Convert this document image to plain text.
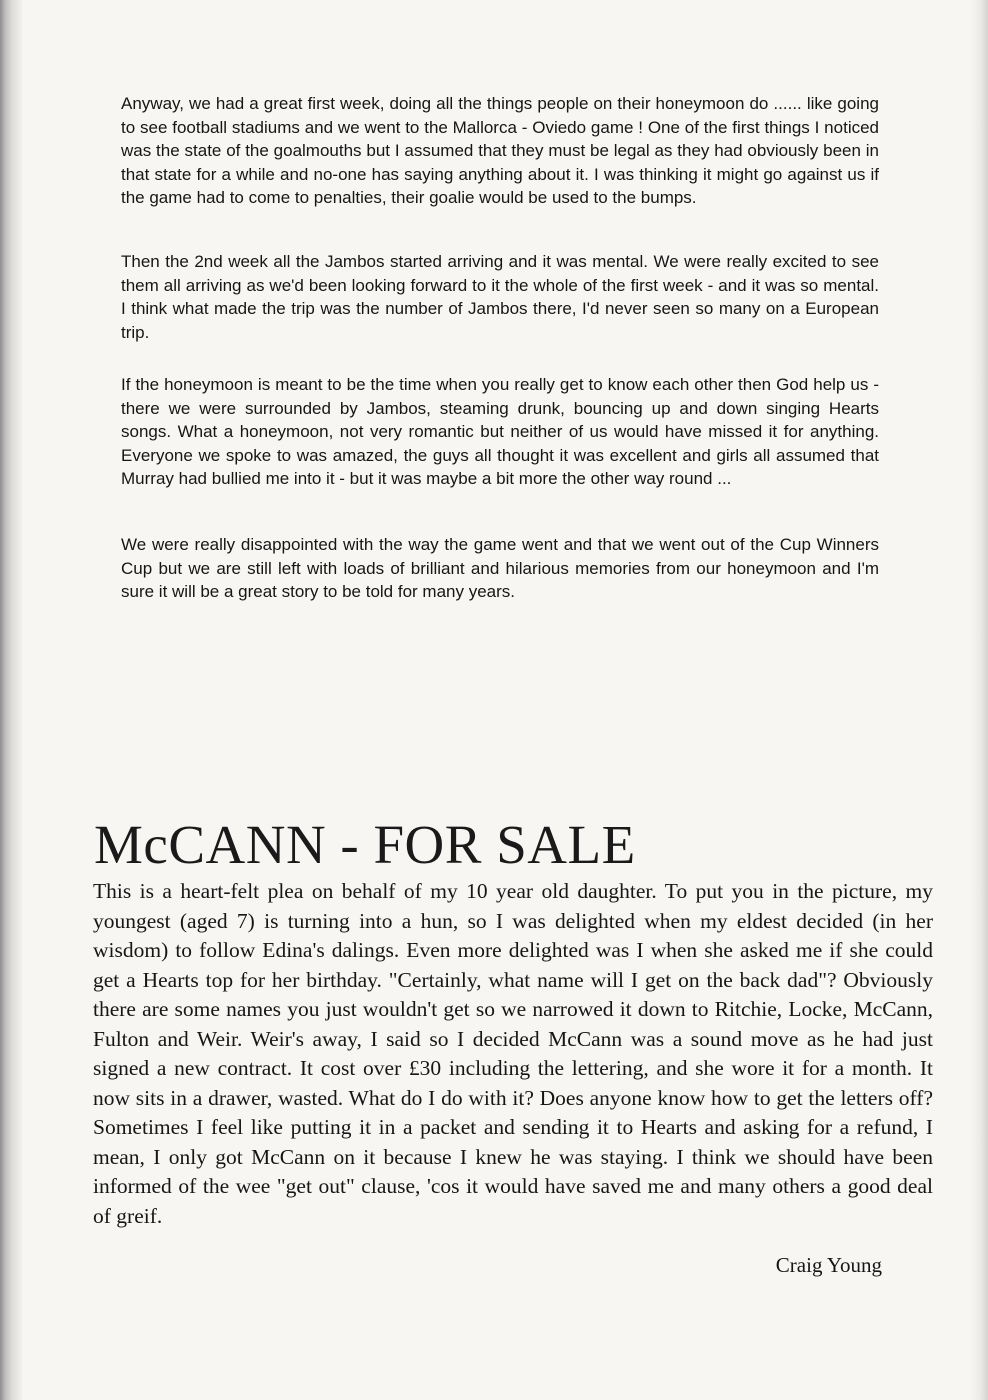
Anyway, we had a great first week, doing all the things people on their honeymoon do ...... like going to see football stadiums and we went to the Mallorca - Oviedo game ! One of the first things I noticed was the state of the goalmouths but I assumed that they must be legal as they had obviously been in that state for a while and no-one has saying anything about it. I was thinking it might go against us if the game had to come to penalties, their goalie would be used to the bumps.

Then the 2nd week all the Jambos started arriving and it was mental. We were really excited to see them all arriving as we'd been looking forward to it the whole of the first week - and it was so mental. I think what made the trip was the number of Jambos there, I'd never seen so many on a European trip.

If the honeymoon is meant to be the time when you really get to know each other then God help us - there we were surrounded by Jambos, steaming drunk, bouncing up and down singing Hearts songs. What a honeymoon, not very romantic but neither of us would have missed it for anything. Everyone we spoke to was amazed, the guys all thought it was excellent and girls all assumed that Murray had bullied me into it - but it was maybe a bit more the other way round ...

We were really disappointed with the way the game went and that we went out of the Cup Winners Cup but we are still left with loads of brilliant and hilarious memories from our honeymoon and I'm sure it will be a great story to be told for many years.

McCANN - FOR SALE

This is a heart-felt plea on behalf of my 10 year old daughter. To put you in the picture, my youngest (aged 7) is turning into a hun, so I was delighted when my eldest decided (in her wisdom) to follow Edina's dalings. Even more delighted was I when she asked me if she could get a Hearts top for her birthday. "Certainly, what name will I get on the back dad"? Obviously there are some names you just wouldn't get so we narrowed it down to Ritchie, Locke, McCann, Fulton and Weir. Weir's away, I said so I decided McCann was a sound move as he had just signed a new contract. It cost over £30 including the lettering, and she wore it for a month. It now sits in a drawer, wasted. What do I do with it? Does anyone know how to get the letters off? Sometimes I feel like putting it in a packet and sending it to Hearts and asking for a refund, I mean, I only got McCann on it because I knew he was staying. I think we should have been informed of the wee "get out" clause, 'cos it would have saved me and many others a good deal of greif.

Craig Young
